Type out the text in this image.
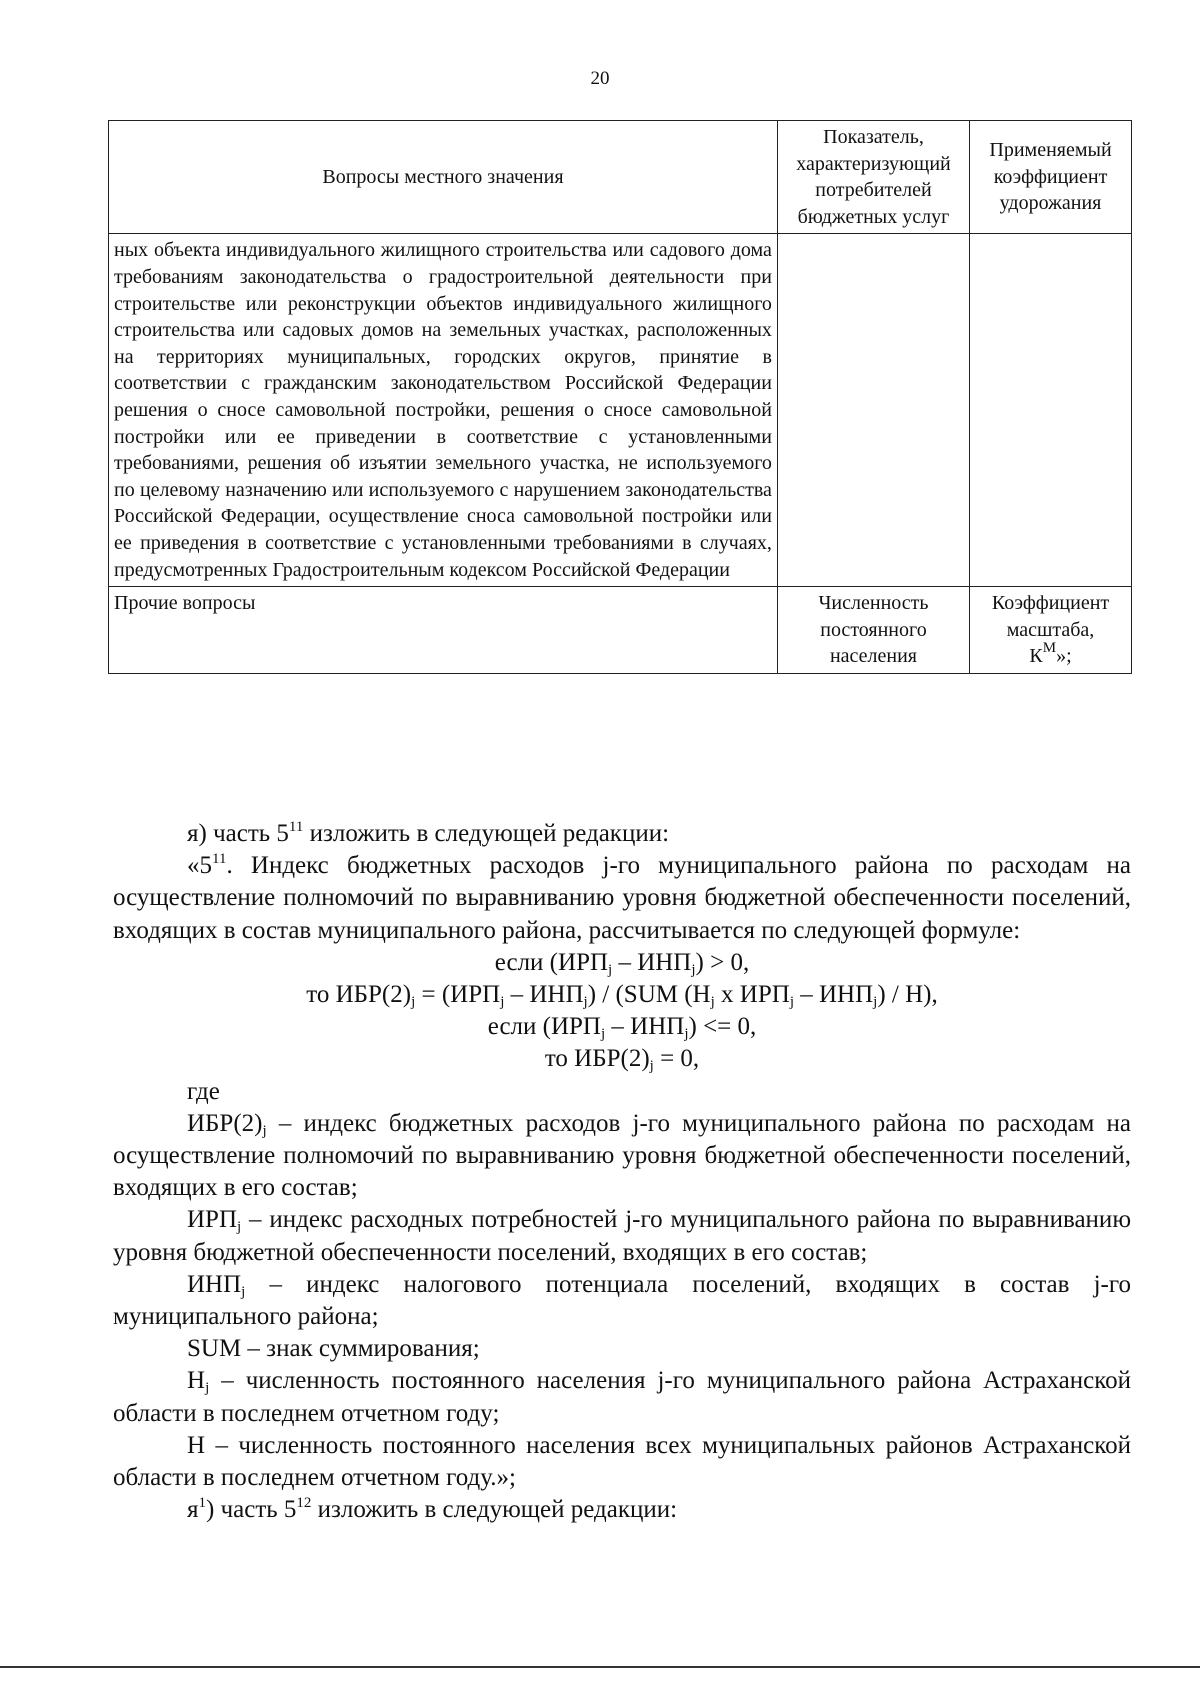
20
Вопросы местного значения	Показатель, характеризующий потребителей бюджетных услуг	Применяемый коэффициент удорожания
ных объекта индивидуального жилищного строительства или садового дома требованиям законодательства о градостроительной деятельности при строительстве или реконструкции объектов индивидуального жилищного строительства или садовых домов на земельных участках, расположенных на территориях муниципальных, городских округов, принятие в соответствии с гражданским законодательством Российской Федерации решения о сносе самовольной постройки, решения о сносе самовольной постройки или ее приведении в соответствие с установленными требованиями, решения об изъятии земельного участка, не используемого по целевому назначению или используемого с нарушением законодательства Российской Федерации, осуществление сноса самовольной постройки или ее приведения в соответствие с установленными требованиями в случаях, предусмотренных Градостроительным кодексом Российской Федерации		
Прочие вопросы	Численность постоянного населения	Коэффициент масштаба,
$К^М$»;

я) часть $5^{11}$ изложить в следующей редакции:

«$5^{11}$. Индекс бюджетных расходов j-го муниципального района по расходам на осуществление полномочий по выравниванию уровня бюджетной обеспеченности поселений, входящих в состав муниципального района, рассчитывается по следующей формуле:

если $(ИРП_j - ИНП_j) > 0$,

то $ИБР(2)_j = (ИРП_j - ИНП_j) / (SUM$ ($Н_j$ х $ИРП_j - ИНП_j) / Н$),

если $(ИРП_j - ИНП_j) <= 0$,

то $ИБР(2)_j = 0$,

где

$ИБР(2)_j$ – индекс бюджетных расходов j-го муниципального района по расходам на осуществление полномочий по выравниванию уровня бюджетной обеспеченности поселений, входящих в его состав;

$ИРП_j$ – индекс расходных потребностей j-го муниципального района по выравниванию уровня бюджетной обеспеченности поселений, входящих в его состав;

$ИНП_j$ – индекс налогового потенциала поселений, входящих в состав j-го муниципального района;

SUM – знак суммирования;

$Н_j$ – численность постоянного населения j-го муниципального района Астраханской области в последнем отчетном году;

Н – численность постоянного населения всех муниципальных районов Астраханской области в последнем отчетном году.»;

$я^1$) часть $5^{12}$ изложить в следующей редакции:
